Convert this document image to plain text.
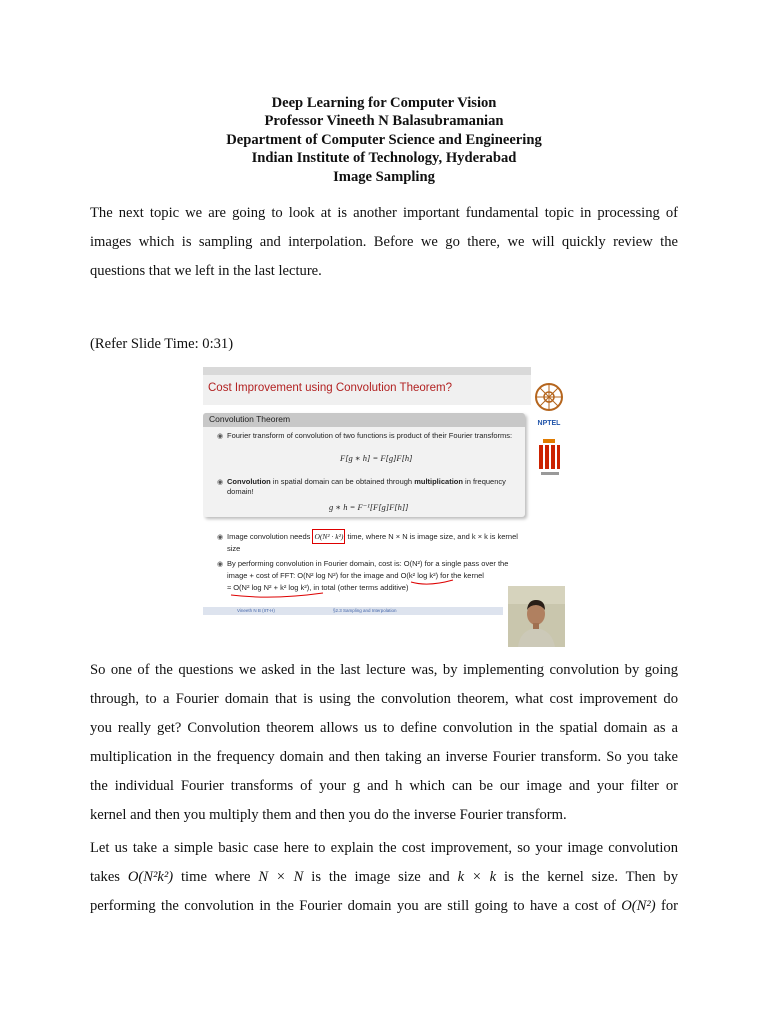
Deep Learning for Computer Vision
Professor Vineeth N Balasubramanian
Department of Computer Science and Engineering
Indian Institute of Technology, Hyderabad
Image Sampling

The next topic we are going to look at is another important fundamental topic in processing of
images which is sampling and interpolation. Before we go there, we will quickly review the
questions that we left in the last lecture.

(Refer Slide Time: 0:31)
Cost Improvement using Convolution Theorem?
NPTEL
Convolution Theorem
◉ Fourier transform of convolution of two functions is product of their Fourier transforms:
F[g ∗ h] = F[g]F[h]
◉ Convolution in spatial domain can be obtained through multiplication in frequency
domain!
g ∗ h = F⁻¹[F[g]F[h]]
◉ Image convolution needs O(N² · k²) time, where N × N is image size, and k × k is kernel
size
◉ By performing convolution in Fourier domain, cost is: O(N²) for a single pass over the
image + cost of FFT: O(N² log N²) for the image and O(k² log k²) for the kernel
≈ O(N² log N² + k² log k²), in total (other terms additive)
Vineeth N B (IIT-H)	§2.3 Sampling and Interpolation

So one of the questions we asked in the last lecture was, by implementing convolution by going
through, to a Fourier domain that is using the convolution theorem, what cost improvement do
you really get? Convolution theorem allows us to define convolution in the spatial domain as a
multiplication in the frequency domain and then taking an inverse Fourier transform. So you take
the individual Fourier transforms of your g and h which can be our image and your filter or
kernel and then you multiply them and then you do the inverse Fourier transform.

Let us take a simple basic case here to explain the cost improvement, so your image convolution
takes O(N²k²) time where N × N is the image size and k × k is the kernel size. Then by
performing the convolution in the Fourier domain you are still going to have a cost of O(N²) for
